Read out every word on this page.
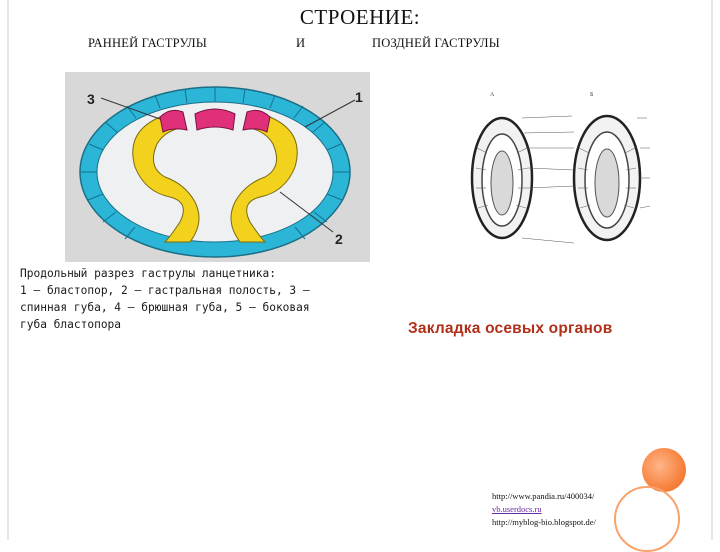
СТРОЕНИЕ:
РАННЕЙ ГАСТРУЛЫ	И	ПОЗДНЕЙ ГАСТРУЛЫ
3	1
2
Продольный разрез гаструлы ланцетника:
1 — бластопор, 2 — гастральная полость, 3 —
спинная губа, 4 — брюшная губа, 5 — боковая
губа бластопора
А	Б
Закладка осевых органов
http://www.pandia.ru/400034/
vb.userdocs.ru
http://myblog-bio.blogspot.de/
